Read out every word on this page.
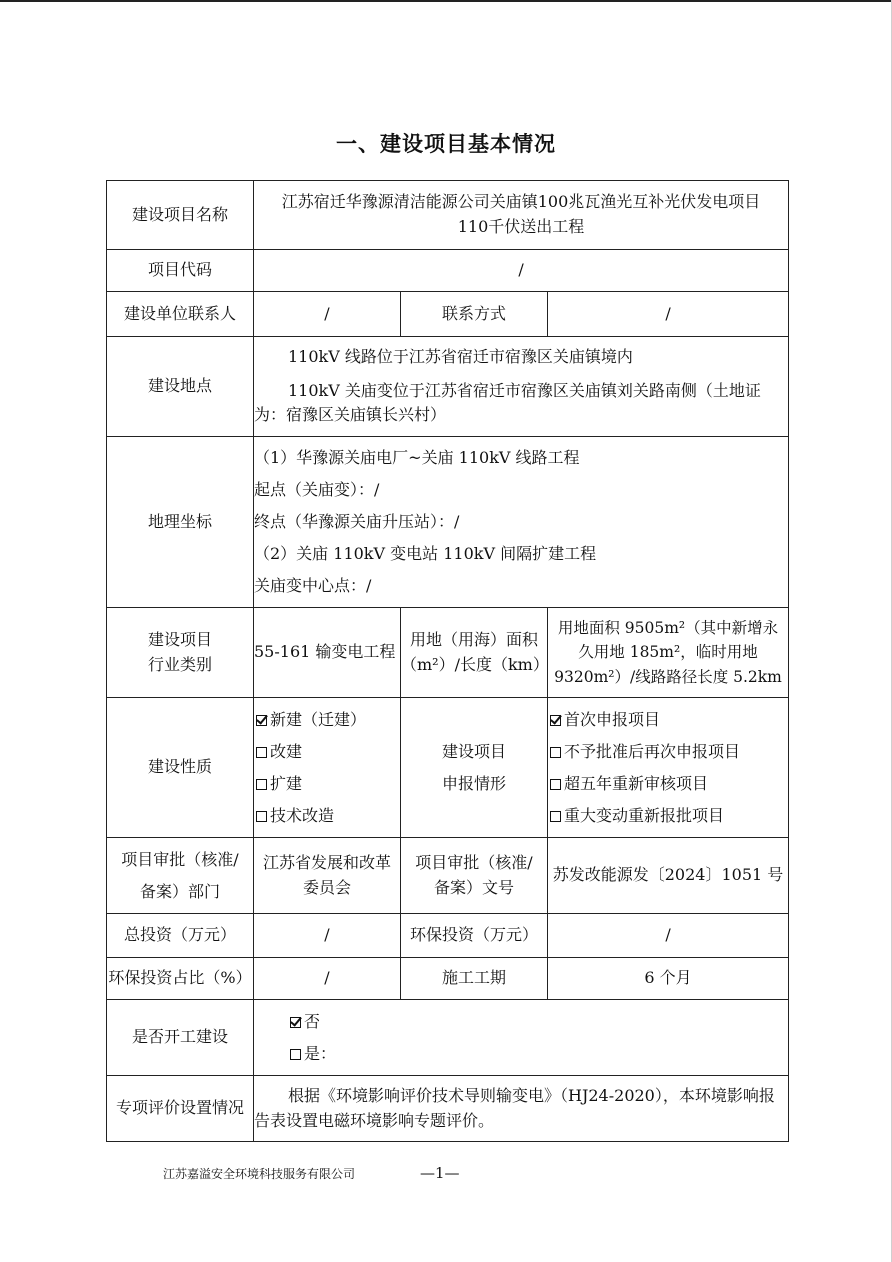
一、建设项目基本情况
建设项目名称	江苏宿迁华豫源清洁能源公司关庙镇100兆瓦渔光互补光伏发电项目
110千伏送出工程		

项目代码	/		
建设单位联系人	/	联系方式	/
建设地点	110kV 线路位于江苏省宿迁市宿豫区关庙镇境内
110kV 关庙变位于江苏省宿迁市宿豫区关庙镇刘关路南侧（土地证为：宿豫区关庙镇长兴村）		

地理坐标	（1）华豫源关庙电厂~关庙 110kV 线路工程
起点（关庙变）：/
终点（华豫源关庙升压站）：/
（2）关庙 110kV 变电站 110kV 间隔扩建工程
关庙变中心点：/		

建设项目
行业类别	55-161 输变电工程	用地（用海）面积
（m²）/长度（km）	用地面积 9505m²（其中新增永
久用地 185m²，临时用地
9320m²）/线路路径长度 5.2km

建设性质	新建（迁建）
改建
扩建
技术改造	建设项目
申报情形	首次申报项目
不予批准后再次申报项目
超五年重新审核项目
重大变动重新报批项目

项目审批（核准/
备案）部门	江苏省发展和改革
委员会	项目审批（核准/
备案）文号	苏发改能源发〔2024〕1051 号
总投资（万元）	/	环保投资（万元）	/
环保投资占比（%）	/	施工工期	6 个月
是否开工建设	否
是：		

专项评价设置情况	根据《环境影响评价技术导则输变电》（HJ24-2020），本环境影响报告表设置电磁环境影响专题评价。		
江苏嘉溢安全环境科技服务有限公司	—1—
